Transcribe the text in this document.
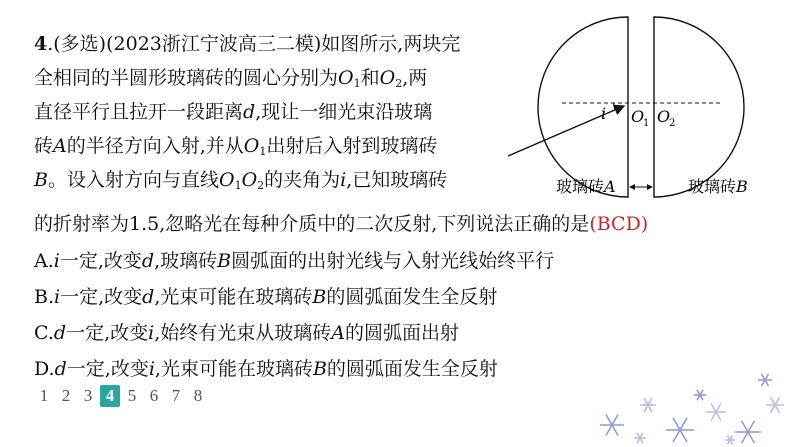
4.(多选)(2023浙江宁波高三二模)如图所示,两块完
全相同的半圆形玻璃砖的圆心分别为$O_1$和$O_2$,两
直径平行且拉开一段距离d,现让一细光束沿玻璃
砖A的半径方向入射,并从$O_1$出射后入射到玻璃砖
B。设入射方向与直线$O_1O_2$的夹角为i,已知玻璃砖
的折射率为1.5,忽略光在每种介质中的二次反射,下列说法正确的是(BCD)
A.i一定,改变d,玻璃砖B圆弧面的出射光线与入射光线始终平行
B.i一定,改变d,光束可能在玻璃砖B的圆弧面发生全反射
C.d一定,改变i,始终有光束从玻璃砖A的圆弧面出射
D.d一定,改变i,光束可能在玻璃砖B的圆弧面发生全反射
i O
1 O
2
玻璃砖A	玻璃砖B
1 2 3 4 5 6 7 8
